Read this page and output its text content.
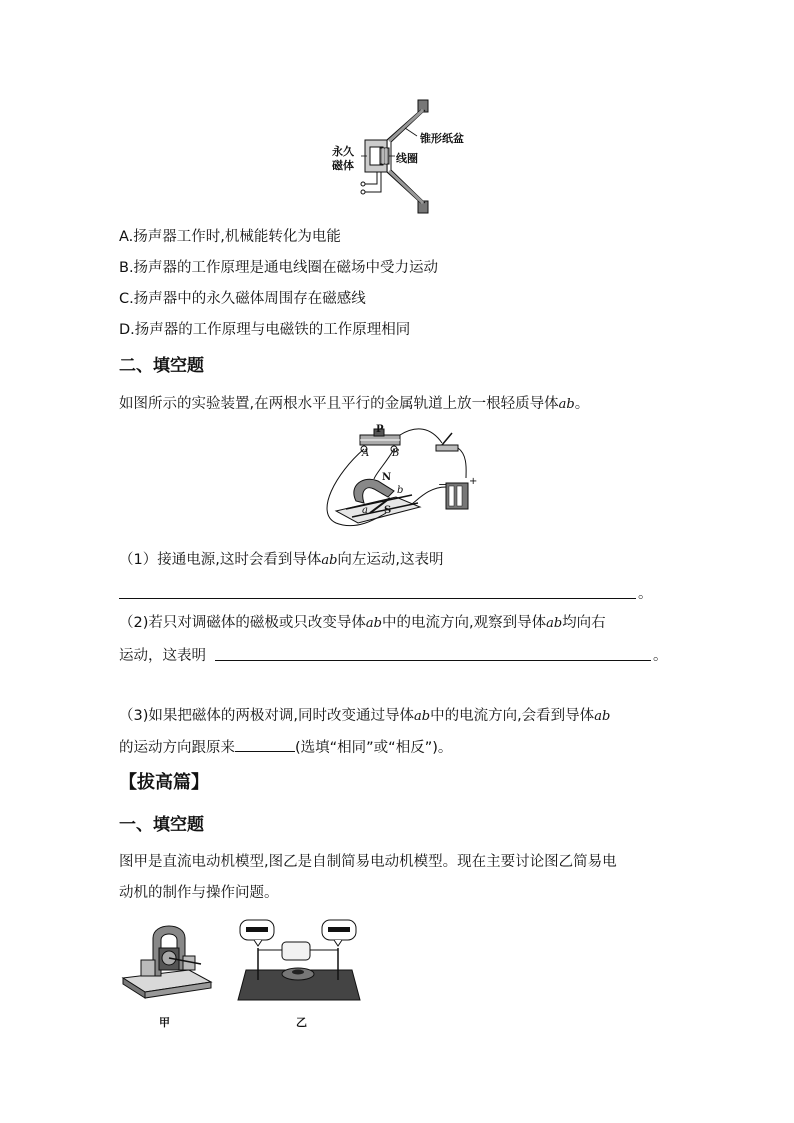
锥形纸盆
线圈
永久
磁体
A.扬声器工作时,机械能转化为电能
B.扬声器的工作原理是通电线圈在磁场中受力运动
C.扬声器中的永久磁体周围存在磁感线
D.扬声器的工作原理与电磁铁的工作原理相同
二、填空题
如图所示的实验装置,在两根水平且平行的金属轨道上放一根轻质导体ab。
P
A B
N
b
a S
− +
（1）接通电源,这时会看到导体ab向左运动,这表明
。
（2)若只对调磁体的磁极或只改变导体ab中的电流方向,观察到导体ab均向右
运动，这表明	。
（3)如果把磁体的两极对调,同时改变通过导体ab中的电流方向,会看到导体ab
的运动方向跟原来	(选填“相同”或“相反”)。
【拔高篇】
一、填空题
图甲是直流电动机模型,图乙是自制简易电动机模型。现在主要讨论图乙简易电
动机的制作与操作问题。
甲	乙
